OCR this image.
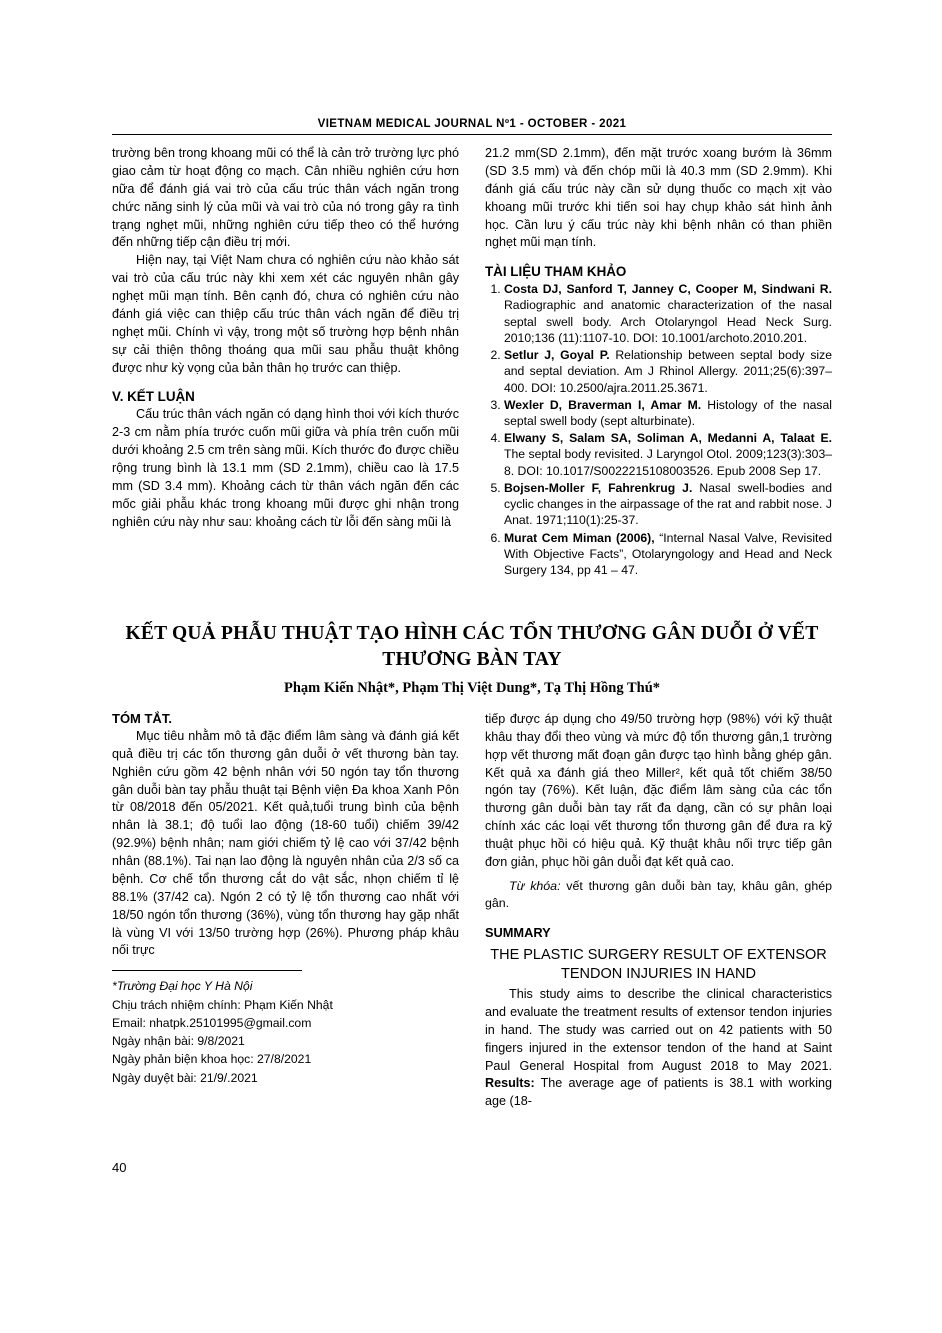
VIETNAM MEDICAL JOURNAL Nº1 - OCTOBER - 2021

trường bên trong khoang mũi có thể là cản trở trường lực phó giao cảm từ hoạt động co mạch. Cân nhiều nghiên cứu hơn nữa để đánh giá vai trò của cấu trúc thân vách ngăn trong chức năng sinh lý của mũi và vai trò của nó trong gây ra tình trạng nghẹt mũi, những nghiên cứu tiếp theo có thể hướng đến những tiếp cận điều trị mới.

Hiện nay, tại Việt Nam chưa có nghiên cứu nào khảo sát vai trò của cấu trúc này khi xem xét các nguyên nhân gây nghẹt mũi mạn tính. Bên cạnh đó, chưa có nghiên cứu nào đánh giá việc can thiệp cấu trúc thân vách ngăn để điều trị nghẹt mũi. Chính vì vậy, trong một số trường hợp bệnh nhân sự cải thiện thông thoáng qua mũi sau phẫu thuật không được như kỳ vọng của bản thân họ trước can thiệp.

V. KẾT LUẬN

Cấu trúc thân vách ngăn có dạng hình thoi với kích thước 2-3 cm nằm phía trước cuốn mũi giữa và phía trên cuốn mũi dưới khoảng 2.5 cm trên sàng mũi. Kích thước đo được chiều rộng trung bình là 13.1 mm (SD 2.1mm), chiều cao là 17.5 mm (SD 3.4 mm). Khoảng cách từ thân vách ngăn đến các mốc giải phẫu khác trong khoang mũi được ghi nhận trong nghiên cứu này như sau: khoảng cách từ lỗi đến sàng mũi là

21.2 mm(SD 2.1mm), đến mặt trước xoang bướm là 36mm (SD 3.5 mm) và đến chóp mũi là 40.3 mm (SD 2.9mm). Khi đánh giá cấu trúc này cần sử dụng thuốc co mạch xịt vào khoang mũi trước khi tiến soi hay chụp khảo sát hình ảnh học. Cần lưu ý cấu trúc này khi bệnh nhân có than phiền nghẹt mũi mạn tính.

TÀI LIỆU THAM KHẢO
1. Costa DJ, Sanford T, Janney C, Cooper M, Sindwani R. Radiographic and anatomic characterization of the nasal septal swell body. Arch Otolaryngol Head Neck Surg. 2010;136 (11):1107-10. DOI: 10.1001/archoto.2010.201.
2. Setlur J, Goyal P. Relationship between septal body size and septal deviation. Am J Rhinol Allergy. 2011;25(6):397–400. DOI: 10.2500/ajra.2011.25.3671.
3. Wexler D, Braverman I, Amar M. Histology of the nasal septal swell body (sept alturbinate).
4. Elwany S, Salam SA, Soliman A, Medanni A, Talaat E. The septal body revisited. J Laryngol Otol. 2009;123(3):303–8. DOI: 10.1017/S0022215108003526. Epub 2008 Sep 17.
5. Bojsen-Moller F, Fahrenkrug J. Nasal swell-bodies and cyclic changes in the airpassage of the rat and rabbit nose. J Anat. 1971;110(1):25-37.
6. Murat Cem Miman (2006), “Internal Nasal Valve, Revisited With Objective Facts”, Otolaryngology and Head and Neck Surgery 134, pp 41 – 47.
KẾT QUẢ PHẪU THUẬT TẠO HÌNH CÁC TỔN THƯƠNG GÂN DUỖI Ở VẾT THƯƠNG BÀN TAY
Phạm Kiến Nhật*, Phạm Thị Việt Dung*, Tạ Thị Hồng Thú*
TÓM TẮT.

Mục tiêu nhằm mô tả đặc điểm lâm sàng và đánh giá kết quả điều trị các tốn thương gân duỗi ở vết thương bàn tay. Nghiên cứu gồm 42 bệnh nhân với 50 ngón tay tổn thương gân duỗi bàn tay phẫu thuật tại Bệnh viện Đa khoa Xanh Pôn từ 08/2018 đến 05/2021. Kết quả,tuổi trung bình của bệnh nhân là 38.1; độ tuổi lao động (18-60 tuổi) chiếm 39/42 (92.9%) bệnh nhân; nam giới chiếm tỷ lệ cao với 37/42 bệnh nhân (88.1%). Tai nạn lao động là nguyên nhân của 2/3 số ca bệnh. Cơ chế tổn thương cắt do vật sắc, nhọn chiếm tỉ lệ 88.1% (37/42 ca). Ngón 2 có tỷ lệ tổn thương cao nhất với 18/50 ngón tổn thương (36%), vùng tổn thương hay gặp nhất là vùng VI với 13/50 trường hợp (26%). Phương pháp khâu nối trực

*Trường Đại học Y Hà Nội
Chịu trách nhiệm chính: Phạm Kiến Nhật
Email: nhatpk.25101995@gmail.com
Ngày nhận bài: 9/8/2021
Ngày phản biện khoa học: 27/8/2021
Ngày duyệt bài: 21/9/.2021

tiếp được áp dụng cho 49/50 trường hợp (98%) với kỹ thuật khâu thay đổi theo vùng và mức độ tổn thương gân,1 trường hợp vết thương mất đoạn gân được tạo hình bằng ghép gân. Kết quả xa đánh giá theo Miller², kết quả tốt chiếm 38/50 ngón tay (76%). Kết luận, đặc điểm lâm sàng của các tổn thương gân duỗi bàn tay rất đa dạng, cần có sự phân loại chính xác các loại vết thương tổn thương gân để đưa ra kỹ thuật phục hồi có hiệu quả. Kỹ thuật khâu nối trực tiếp gân đơn giản, phục hồi gân duỗi đạt kết quả cao.

Từ khóa: vết thương gân duỗi bàn tay, khâu gân, ghép gân.

SUMMARY
THE PLASTIC SURGERY RESULT OF EXTENSOR TENDON INJURIES IN HAND

This study aims to describe the clinical characteristics and evaluate the treatment results of extensor tendon injuries in hand. The study was carried out on 42 patients with 50 fingers injured in the extensor tendon of the hand at Saint Paul General Hospital from August 2018 to May 2021. Results: The average age of patients is 38.1 with working age (18-

40
